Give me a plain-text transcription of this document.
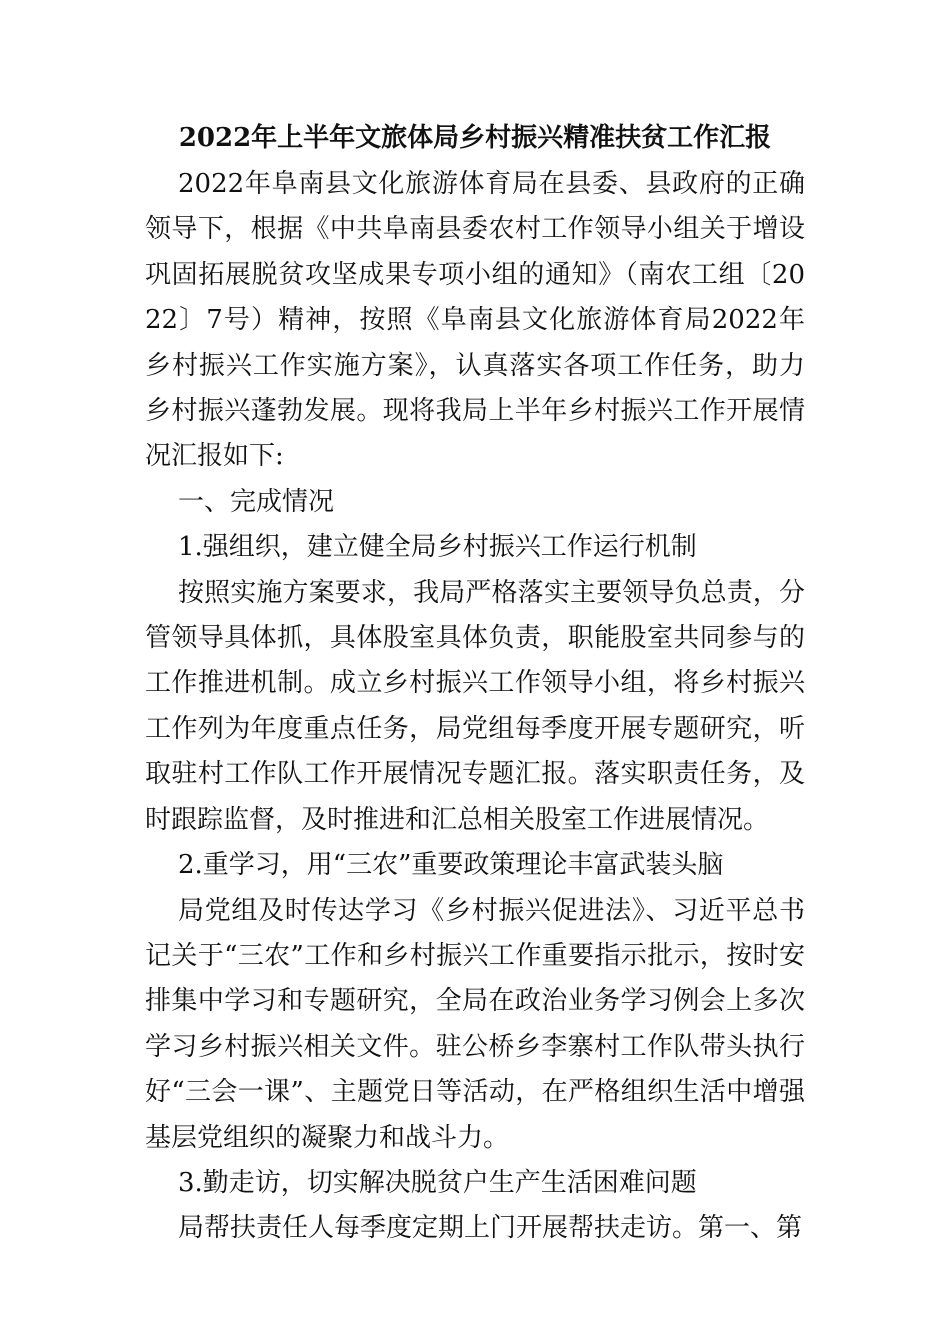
2022年上半年文旅体局乡村振兴精准扶贫工作汇报

2022年阜南县文化旅游体育局在县委、县政府的正确领导下，根据《中共阜南县委农村工作领导小组关于增设巩固拓展脱贫攻坚成果专项小组的通知》（南农工组〔2022〕7号）精神，按照《阜南县文化旅游体育局2022年乡村振兴工作实施方案》，认真落实各项工作任务，助力乡村振兴蓬勃发展。现将我局上半年乡村振兴工作开展情况汇报如下:

一、完成情况

1.强组织，建立健全局乡村振兴工作运行机制

按照实施方案要求，我局严格落实主要领导负总责，分管领导具体抓，具体股室具体负责，职能股室共同参与的工作推进机制。成立乡村振兴工作领导小组，将乡村振兴工作列为年度重点任务，局党组每季度开展专题研究，听取驻村工作队工作开展情况专题汇报。落实职责任务，及时跟踪监督，及时推进和汇总相关股室工作进展情况。

2.重学习，用“三农”重要政策理论丰富武装头脑

局党组及时传达学习《乡村振兴促进法》、习近平总书记关于“三农”工作和乡村振兴工作重要指示批示，按时安排集中学习和专题研究，全局在政治业务学习例会上多次学习乡村振兴相关文件。驻公桥乡李寨村工作队带头执行好“三会一课”、主题党日等活动，在严格组织生活中增强基层党组织的凝聚力和战斗力。

3.勤走访，切实解决脱贫户生产生活困难问题

局帮扶责任人每季度定期上门开展帮扶走访。第一、第
